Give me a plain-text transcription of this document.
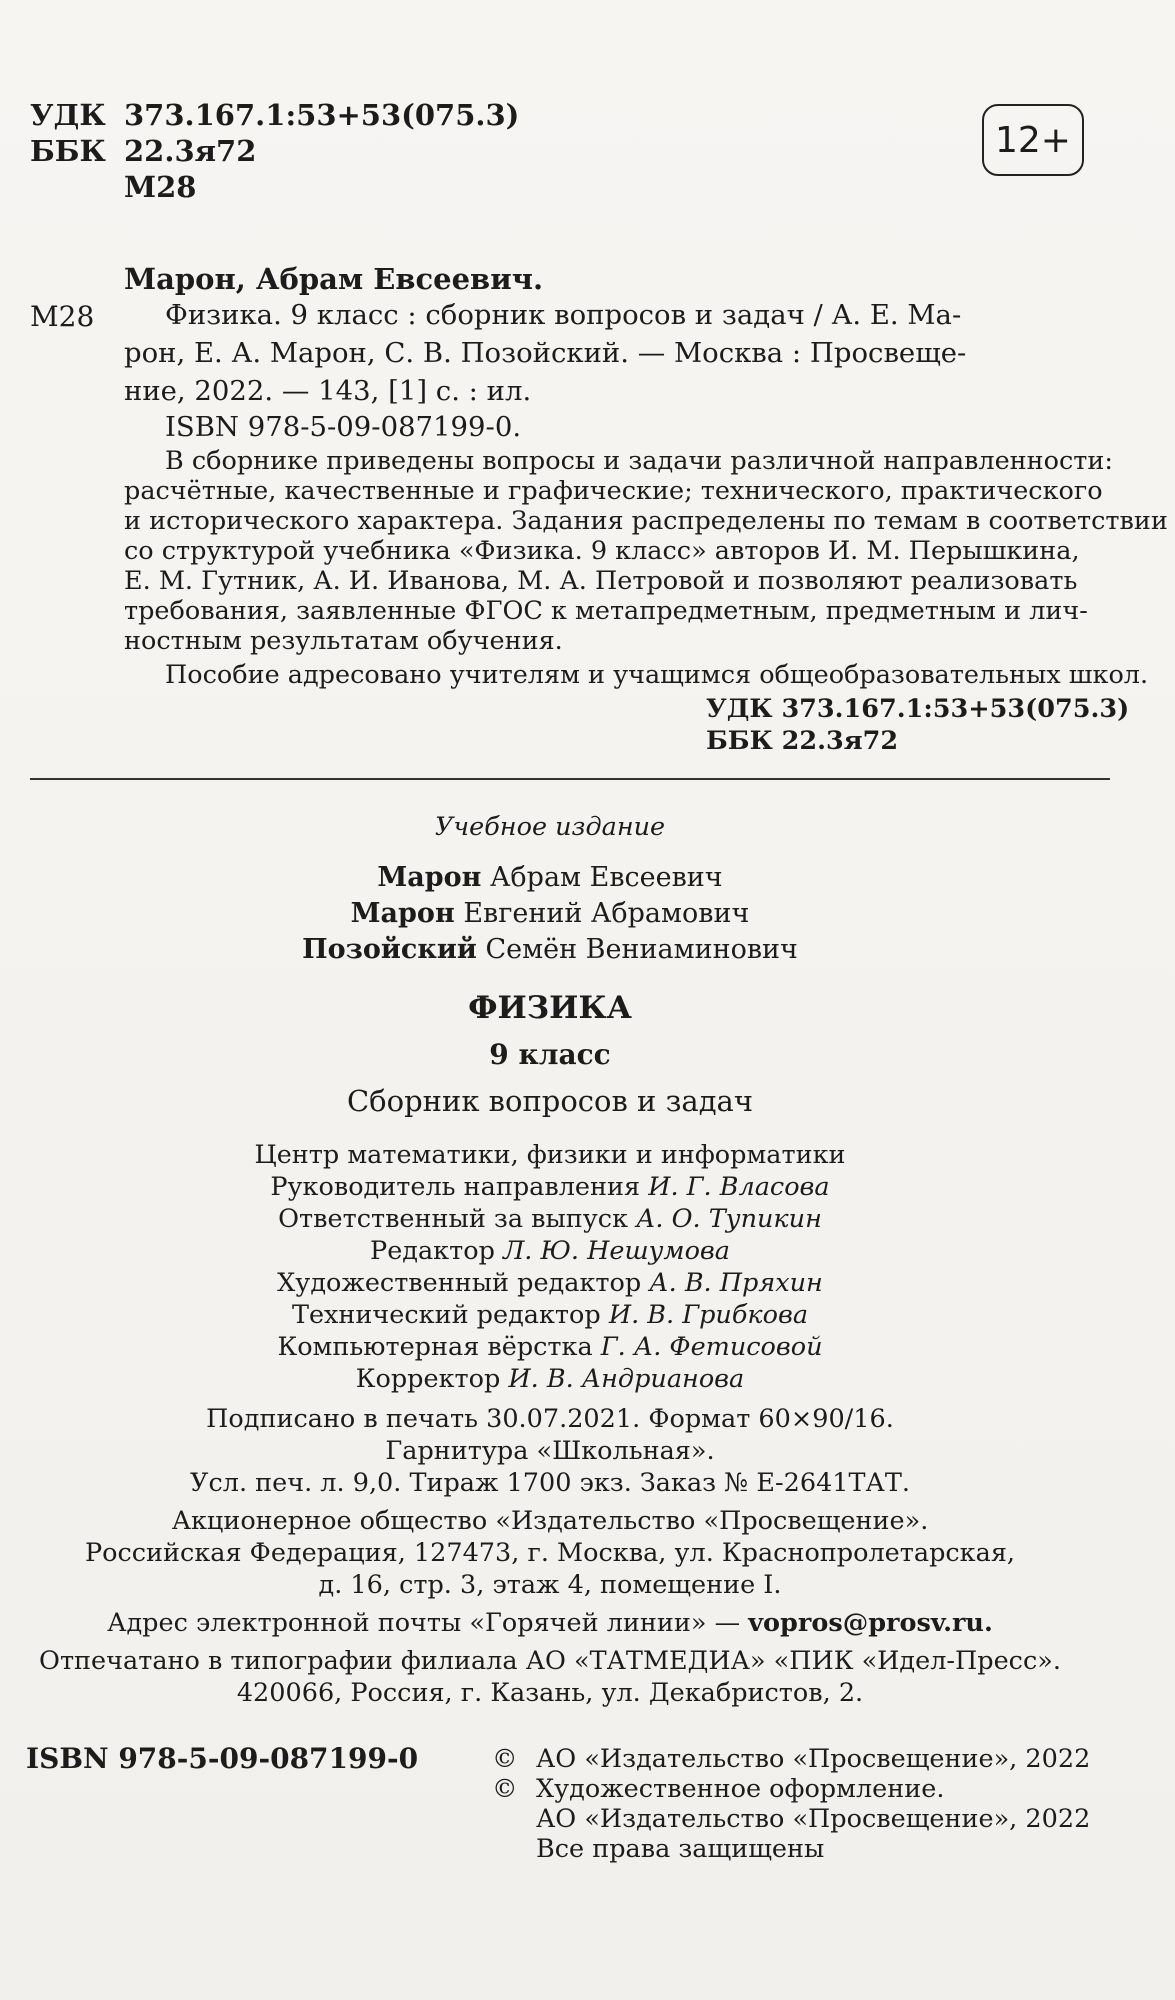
УДК 373.167.1:53+53(075.3)
ББК 22.3я72
М28
12+
Марон, Абрам Евсеевич.
М28	Физика. 9 класс : сборник вопросов и задач / А. Е. Ма-
рон, Е. А. Марон, С. В. Позойский. — Москва : Просвеще-
ние, 2022. — 143, [1] с. : ил.
ISBN 978-5-09-087199-0.
В сборнике приведены вопросы и задачи различной направленности:
расчётные, качественные и графические; технического, практического
и исторического характера. Задания распределены по темам в соответствии
со структурой учебника «Физика. 9 класс» авторов И. М. Перышкина,
Е. М. Гутник, А. И. Иванова, М. А. Петровой и позволяют реализовать
требования, заявленные ФГОС к метапредметным, предметным и лич-
ностным результатам обучения.
Пособие адресовано учителям и учащимся общеобразовательных школ.
УДК 373.167.1:53+53(075.3)
ББК 22.3я72
Учебное издание
Марон Абрам Евсеевич
Марон Евгений Абрамович
Позойский Семён Вениаминович
ФИЗИКА
9 класс
Сборник вопросов и задач
Центр математики, физики и информатики
Руководитель направления И. Г. Власова
Ответственный за выпуск А. О. Тупикин
Редактор Л. Ю. Нешумова
Художественный редактор А. В. Пряхин
Технический редактор И. В. Грибкова
Компьютерная вёрстка Г. А. Фетисовой
Корректор И. В. Андрианова
Подписано в печать 30.07.2021. Формат 60×90/16.
Гарнитура «Школьная».
Усл. печ. л. 9,0. Тираж 1700 экз. Заказ № Е-2641ТАТ.
Акционерное общество «Издательство «Просвещение».
Российская Федерация, 127473, г. Москва, ул. Краснопролетарская,
д. 16, стр. 3, этаж 4, помещение I.
Адрес электронной почты «Горячей линии» — vopros@prosv.ru.
Отпечатано в типографии филиала АО «ТАТМЕДИА» «ПИК «Идел-Пресс».
420066, Россия, г. Казань, ул. Декабристов, 2.
ISBN 978-5-09-087199-0	© АО «Издательство «Просвещение», 2022
© Художественное оформление.
АО «Издательство «Просвещение», 2022
Все права защищены
